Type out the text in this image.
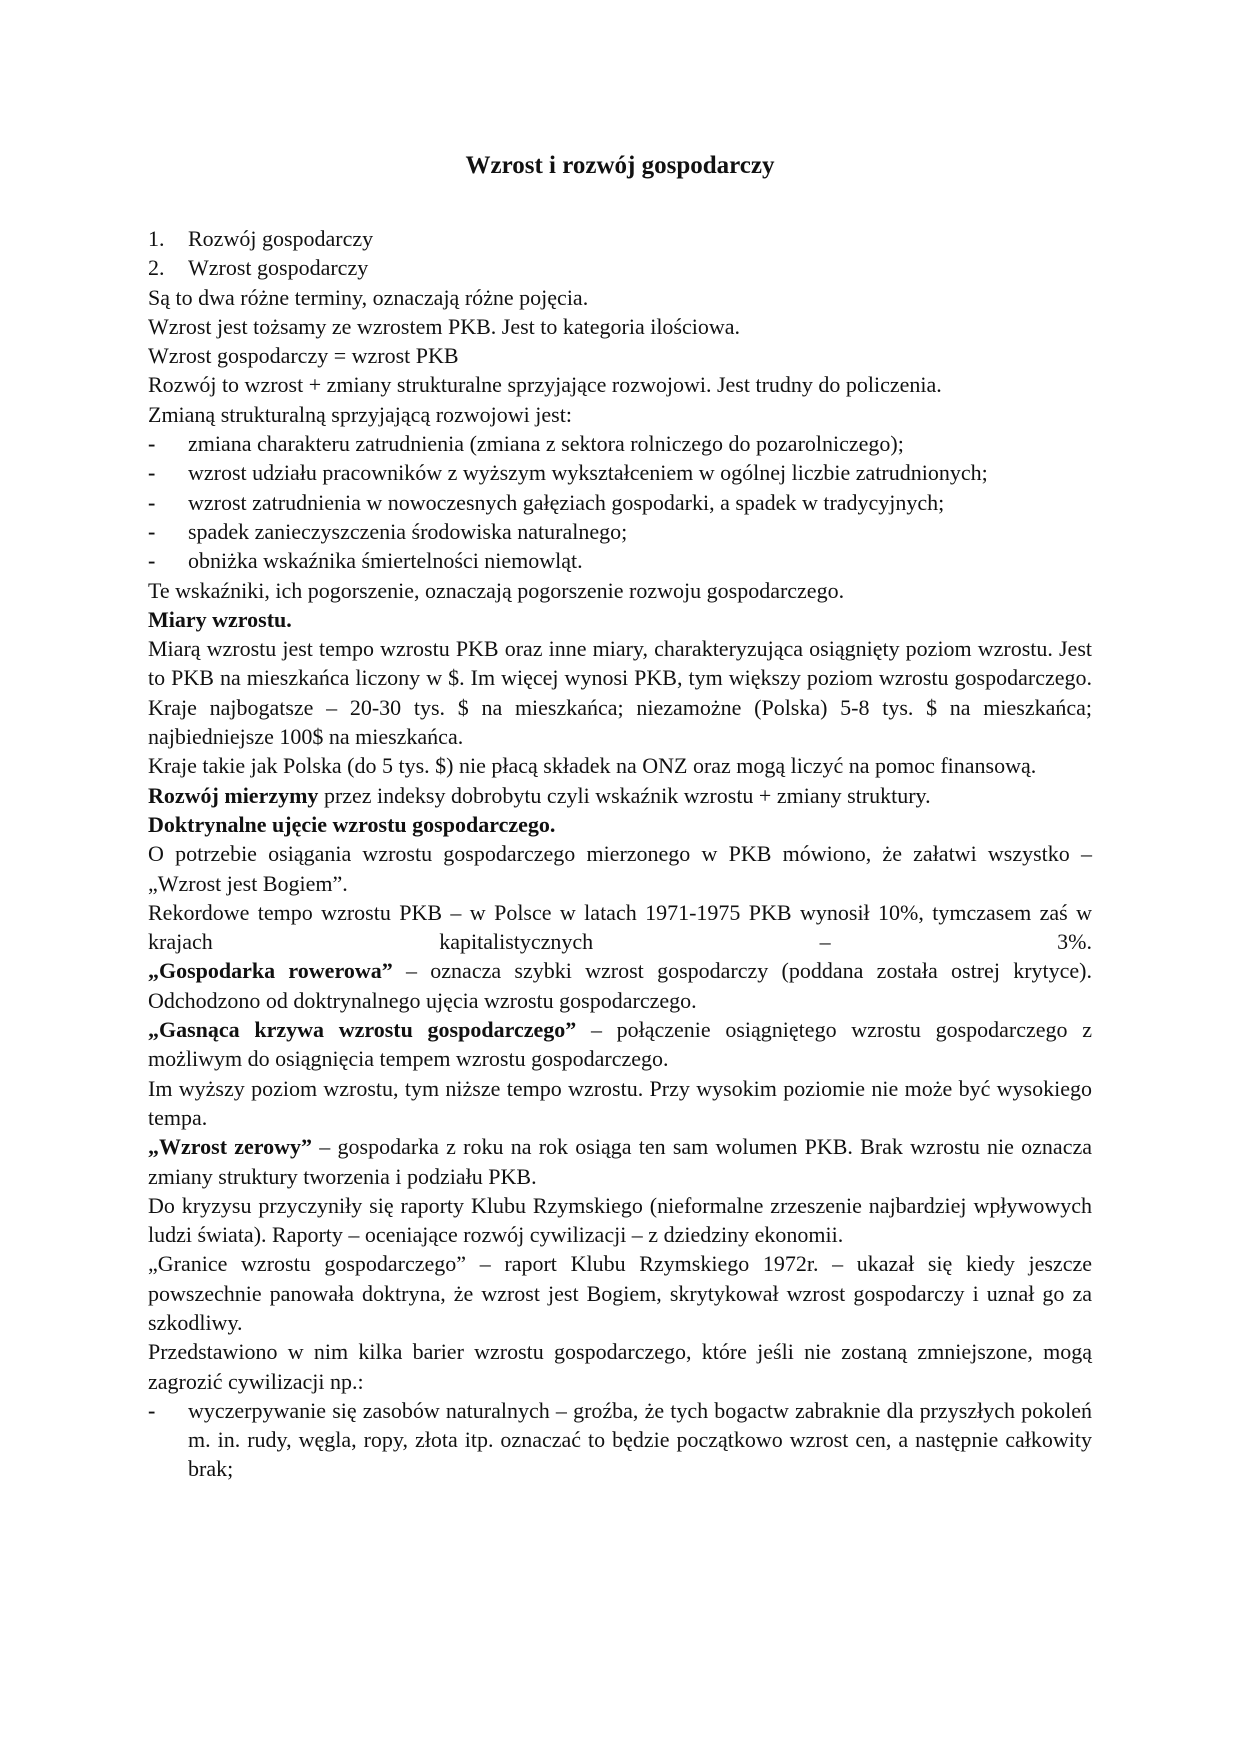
Wzrost i rozwój gospodarczy
1.	Rozwój gospodarczy
2.	Wzrost gospodarczy

Są to dwa różne terminy, oznaczają różne pojęcia.

Wzrost jest tożsamy ze wzrostem PKB. Jest to kategoria ilościowa.

Wzrost gospodarczy = wzrost PKB

Rozwój to wzrost + zmiany strukturalne sprzyjające rozwojowi. Jest trudny do policzenia.

Zmianą strukturalną sprzyjającą rozwojowi jest:

-	zmiana charakteru zatrudnienia (zmiana z sektora rolniczego do pozarolniczego);
-	wzrost udziału pracowników z wyższym wykształceniem w ogólnej liczbie zatrudnionych;
-	wzrost zatrudnienia w nowoczesnych gałęziach gospodarki, a spadek w tradycyjnych;
-	spadek zanieczyszczenia środowiska naturalnego;
-	obniżka wskaźnika śmiertelności niemowląt.

Te wskaźniki, ich pogorszenie, oznaczają pogorszenie rozwoju gospodarczego.

Miary wzrostu.

Miarą wzrostu jest tempo wzrostu PKB oraz inne miary, charakteryzująca osiągnięty poziom wzrostu. Jest to PKB na mieszkańca liczony w $. Im więcej wynosi PKB, tym większy poziom wzrostu gospodarczego. Kraje najbogatsze – 20-30 tys. $ na mieszkańca; niezamożne (Polska) 5-8 tys. $ na mieszkańca; najbiedniejsze 100$ na mieszkańca.

Kraje takie jak Polska (do 5 tys. $) nie płacą składek na ONZ oraz mogą liczyć na pomoc finansową.

Rozwój mierzymy przez indeksy dobrobytu czyli wskaźnik wzrostu + zmiany struktury.

Doktrynalne ujęcie wzrostu gospodarczego.

O potrzebie osiągania wzrostu gospodarczego mierzonego w PKB mówiono, że załatwi wszystko – „Wzrost jest Bogiem”.

Rekordowe tempo wzrostu PKB – w Polsce w latach 1971-1975 PKB wynosił 10%, tymczasem zaś w krajach kapitalistycznych – 3%.

„Gospodarka rowerowa” – oznacza szybki wzrost gospodarczy (poddana została ostrej krytyce). Odchodzono od doktrynalnego ujęcia wzrostu gospodarczego.

„Gasnąca krzywa wzrostu gospodarczego” – połączenie osiągniętego wzrostu gospodarczego z możliwym do osiągnięcia tempem wzrostu gospodarczego.

Im wyższy poziom wzrostu, tym niższe tempo wzrostu. Przy wysokim poziomie nie może być wysokiego tempa.

„Wzrost zerowy” – gospodarka z roku na rok osiąga ten sam wolumen PKB. Brak wzrostu nie oznacza zmiany struktury tworzenia i podziału PKB.

Do kryzysu przyczyniły się raporty Klubu Rzymskiego (nieformalne zrzeszenie najbardziej wpływowych ludzi świata). Raporty – oceniające rozwój cywilizacji – z dziedziny ekonomii.

„Granice wzrostu gospodarczego” – raport Klubu Rzymskiego 1972r. – ukazał się kiedy jeszcze powszechnie panowała doktryna, że wzrost jest Bogiem, skrytykował wzrost gospodarczy i uznał go za szkodliwy.

Przedstawiono w nim kilka barier wzrostu gospodarczego, które jeśli nie zostaną zmniejszone, mogą zagrozić cywilizacji np.:

-	wyczerpywanie się zasobów naturalnych – groźba, że tych bogactw zabraknie dla przyszłych pokoleń m. in. rudy, węgla, ropy, złota itp. oznaczać to będzie początkowo wzrost cen, a następnie całkowity brak;
